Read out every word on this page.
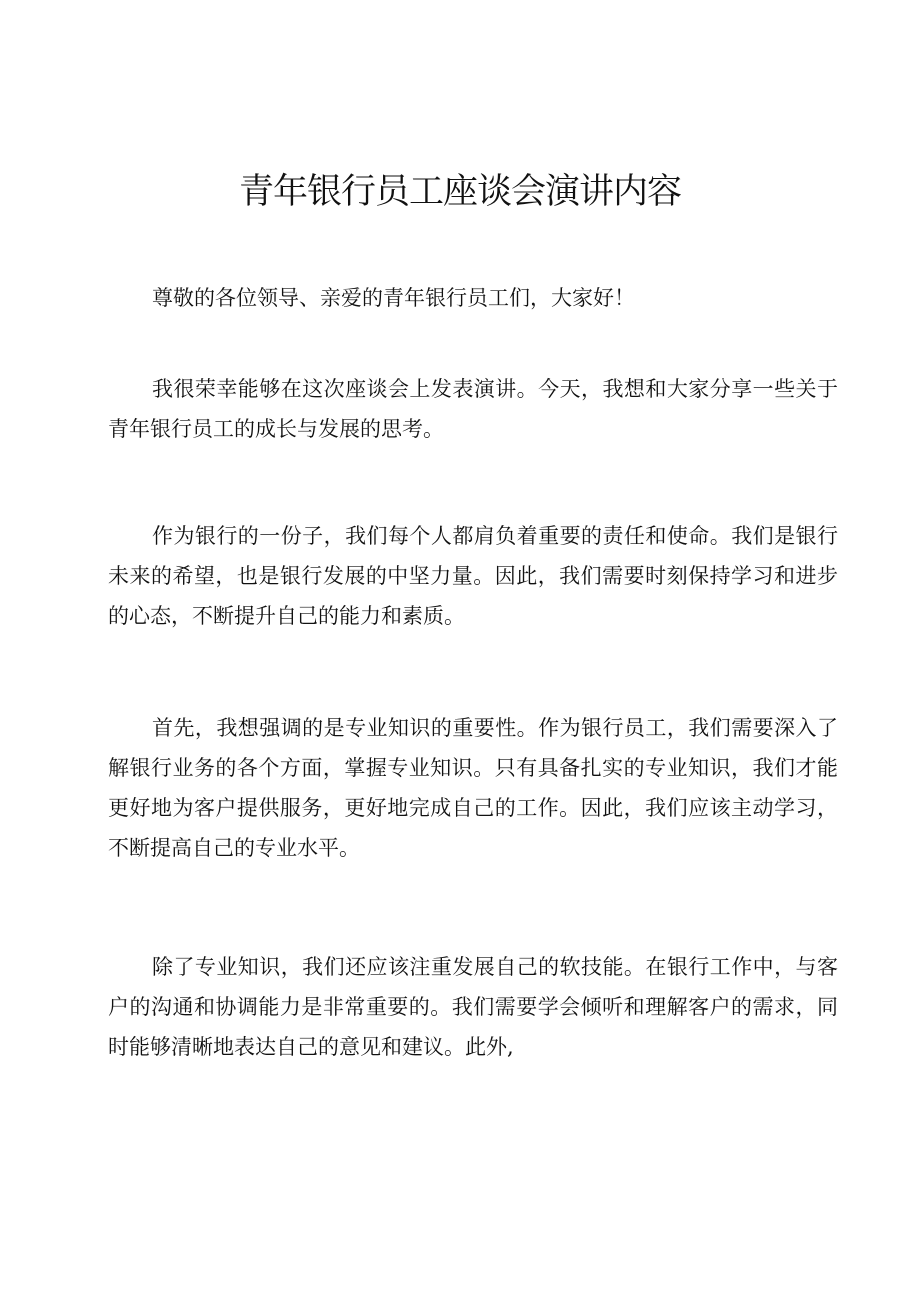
青年银行员工座谈会演讲内容

尊敬的各位领导、亲爱的青年银行员工们，大家好！

我很荣幸能够在这次座谈会上发表演讲。今天，我想和大家分享一些关于青年银行员工的成长与发展的思考。

作为银行的一份子，我们每个人都肩负着重要的责任和使命。我们是银行未来的希望，也是银行发展的中坚力量。因此，我们需要时刻保持学习和进步的心态，不断提升自己的能力和素质。

首先，我想强调的是专业知识的重要性。作为银行员工，我们需要深入了解银行业务的各个方面，掌握专业知识。只有具备扎实的专业知识，我们才能更好地为客户提供服务，更好地完成自己的工作。因此，我们应该主动学习，不断提高自己的专业水平。

除了专业知识，我们还应该注重发展自己的软技能。在银行工作中，与客户的沟通和协调能力是非常重要的。我们需要学会倾听和理解客户的需求，同时能够清晰地表达自己的意见和建议。此外,
